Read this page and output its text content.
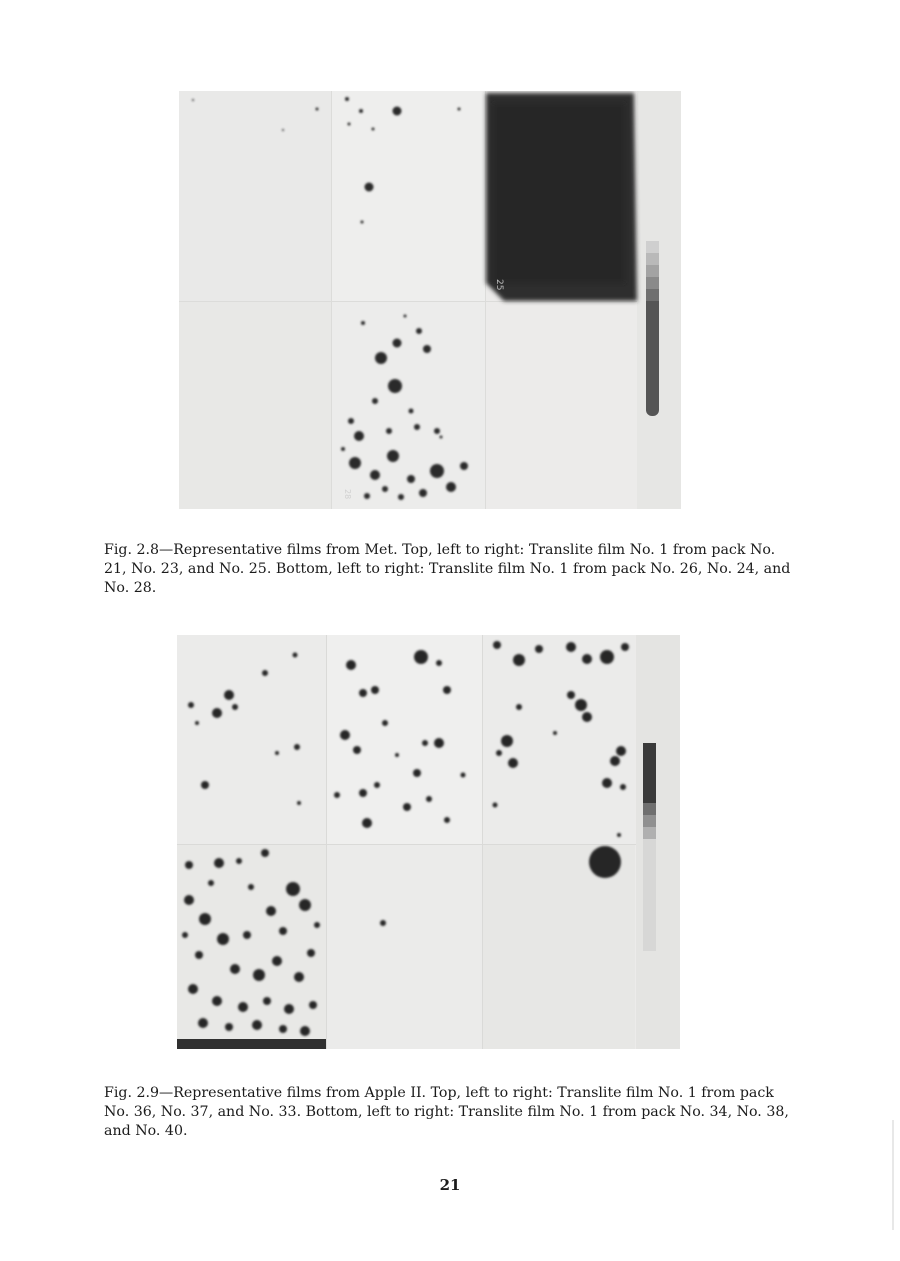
25
28

Fig. 2.8—Representative films from Met. Top, left to right: Translite film No. 1 from pack No. 21, No. 23, and No. 25. Bottom, left to right: Translite film No. 1 from pack No. 26, No. 24, and No. 28.

Fig. 2.9—Representative films from Apple II. Top, left to right: Translite film No. 1 from pack No. 36, No. 37, and No. 33. Bottom, left to right: Translite film No. 1 from pack No. 34, No. 38, and No. 40.

21
